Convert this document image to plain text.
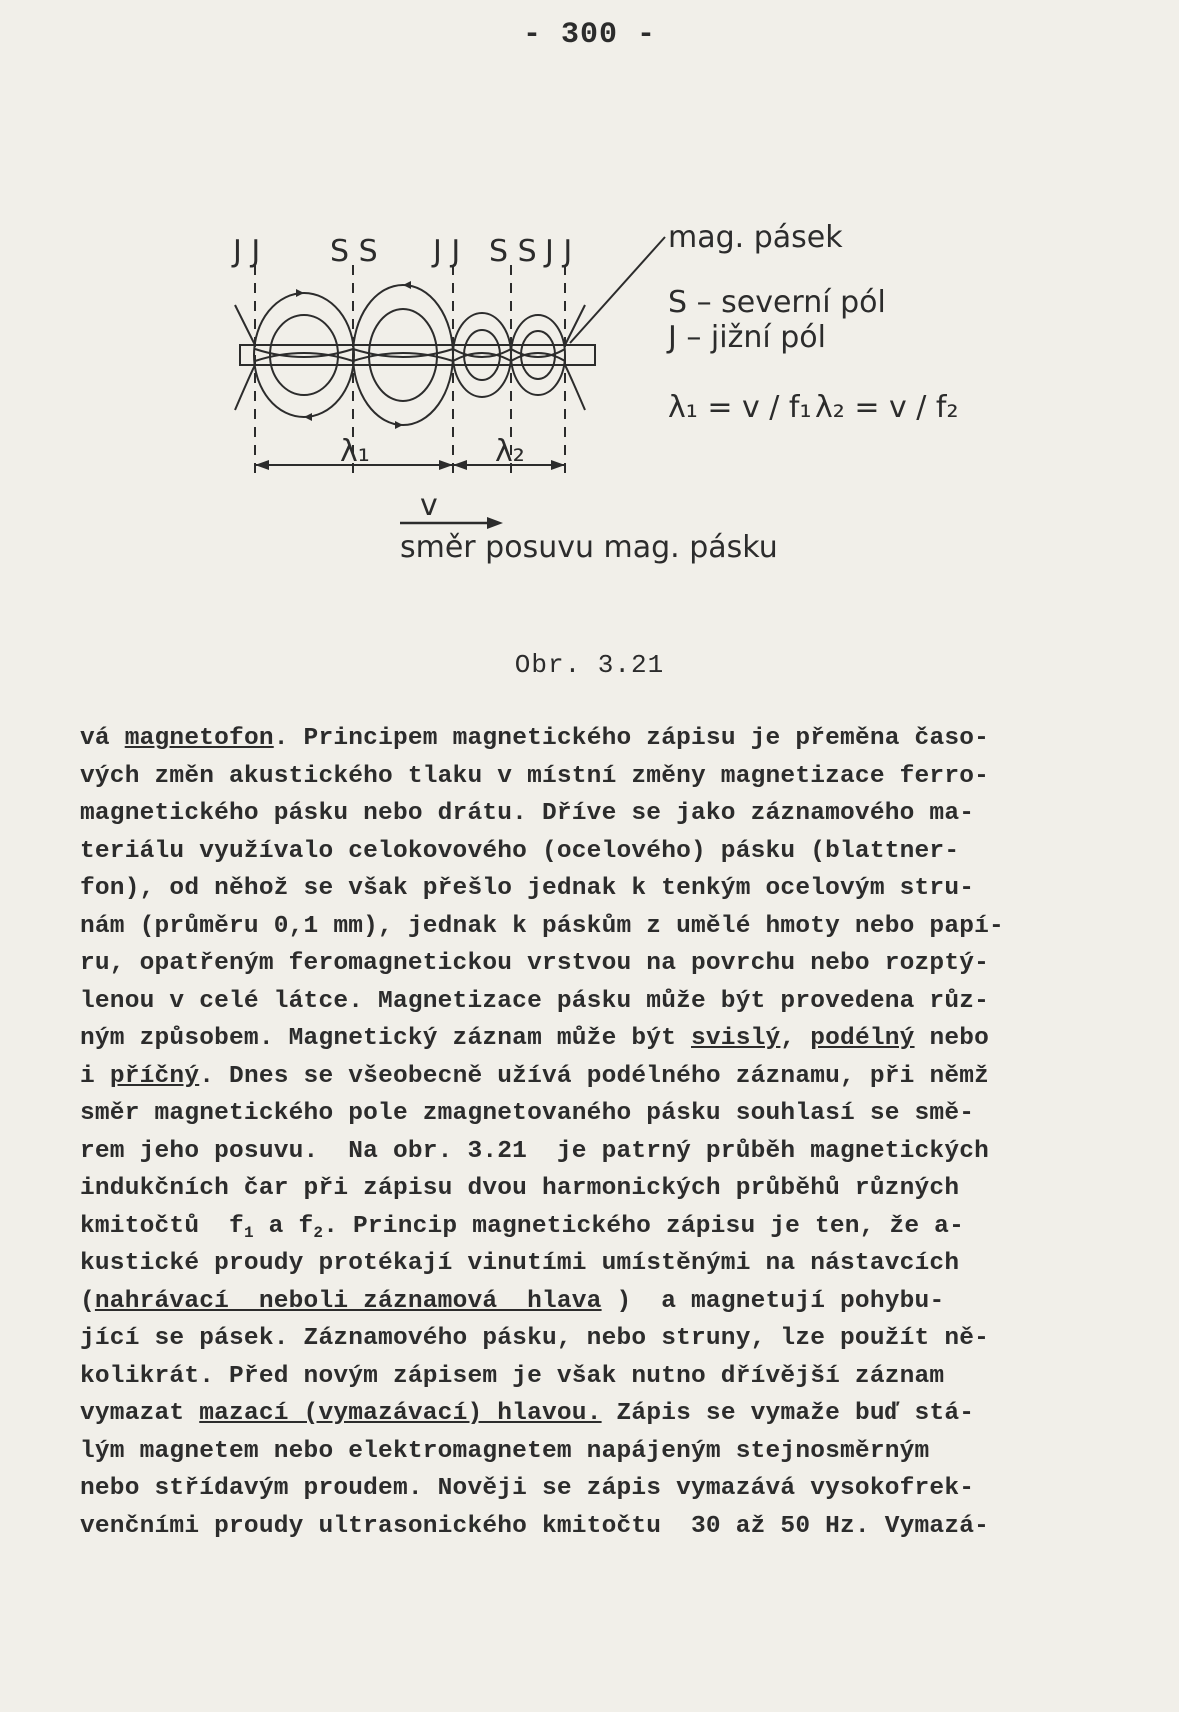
- 300 -
J J S S J J S S J J	mag. pásek
S – severní pól
J – jižní pól
λ₁ = v / f₁ λ₂ = v / f₂
λ₁	λ₂
v
směr posuvu mag. pásku
Obr. 3.21
vá magnetofon. Principem magnetického zápisu je přeměna časo-
vých změn akustického tlaku v místní změny magnetizace ferro-
magnetického pásku nebo drátu. Dříve se jako záznamového ma-
teriálu využívalo celokovového (ocelového) pásku (blattner-
fon), od něhož se však přešlo jednak k tenkým ocelovým stru-
nám (průměru 0,1 mm), jednak k páskům z umělé hmoty nebo papí-
ru, opatřeným feromagnetickou vrstvou na povrchu nebo rozptý-
lenou v celé látce. Magnetizace pásku může být provedena růz-
ným způsobem. Magnetický záznam může být svislý, podélný nebo
i příčný. Dnes se všeobecně užívá podélného záznamu, při němž
směr magnetického pole zmagnetovaného pásku souhlasí se smě-
rem jeho posuvu.  Na obr. 3.21  je patrný průběh magnetických
indukčních čar při zápisu dvou harmonických průběhů různých
kmitočtů  $f_1$ a $f_2$. Princip magnetického zápisu je ten, že a-
kustické proudy protékají vinutími umístěnými na nástavcích
(nahrávací  neboli záznamová  hlava )  a magnetují pohybu-
jící se pásek. Záznamového pásku, nebo struny, lze použít ně-
kolikrát. Před novým zápisem je však nutno dřívější záznam
vymazat mazací (vymazávací) hlavou. Zápis se vymaže buď stá-
lým magnetem nebo elektromagnetem napájeným stejnosměrným
nebo střídavým proudem. Nověji se zápis vymazává vysokofrek-
venčními proudy ultrasonického kmitočtu  30 až 50 Hz. Vymazá-
